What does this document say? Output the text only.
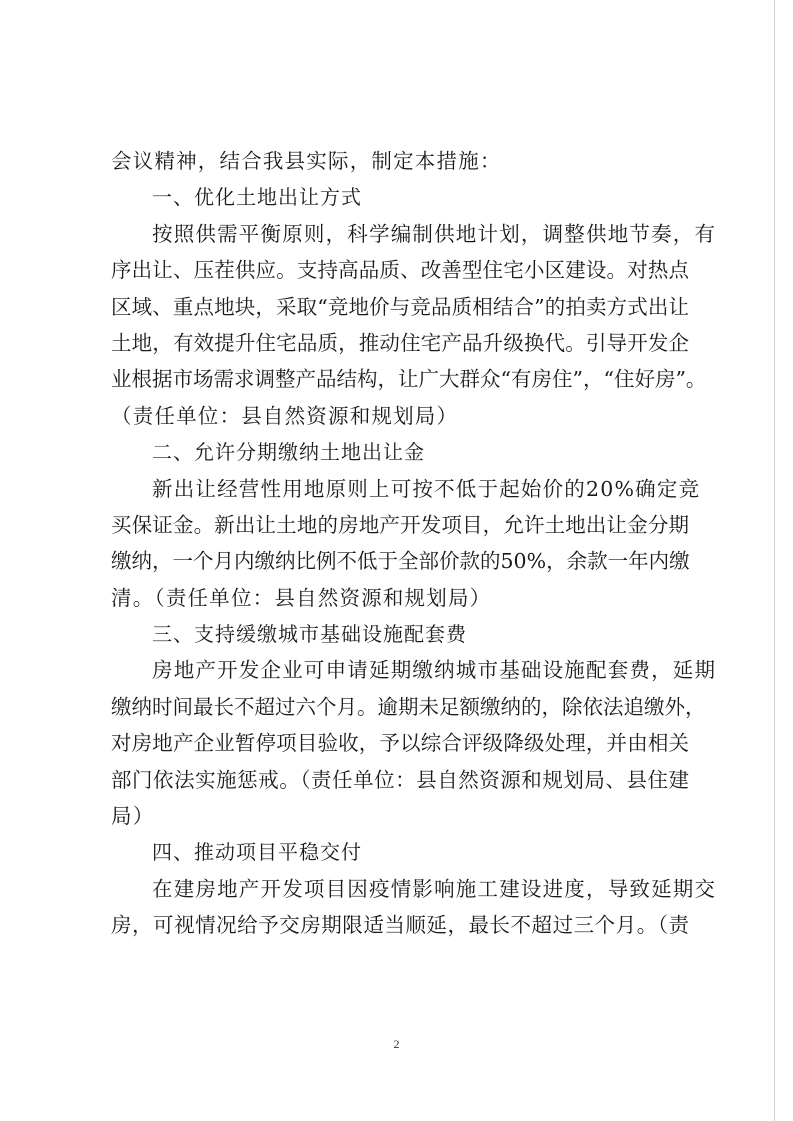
会议精神，结合我县实际，制定本措施：
一、优化土地出让方式
按照供需平衡原则，科学编制供地计划，调整供地节奏，有
序出让、压茬供应。支持高品质、改善型住宅小区建设。对热点
区域、重点地块，采取“竞地价与竞品质相结合”的拍卖方式出让
土地，有效提升住宅品质，推动住宅产品升级换代。引导开发企
业根据市场需求调整产品结构，让广大群众“有房住”，“住好房”。
（责任单位：县自然资源和规划局）
二、允许分期缴纳土地出让金
新出让经营性用地原则上可按不低于起始价的20%确定竞
买保证金。新出让土地的房地产开发项目，允许土地出让金分期
缴纳，一个月内缴纳比例不低于全部价款的50%，余款一年内缴
清。（责任单位：县自然资源和规划局）
三、支持缓缴城市基础设施配套费
房地产开发企业可申请延期缴纳城市基础设施配套费，延期
缴纳时间最长不超过六个月。逾期未足额缴纳的，除依法追缴外，
对房地产企业暂停项目验收，予以综合评级降级处理，并由相关
部门依法实施惩戒。（责任单位：县自然资源和规划局、县住建
局）
四、推动项目平稳交付
在建房地产开发项目因疫情影响施工建设进度，导致延期交
房，可视情况给予交房期限适当顺延，最长不超过三个月。（责
2
